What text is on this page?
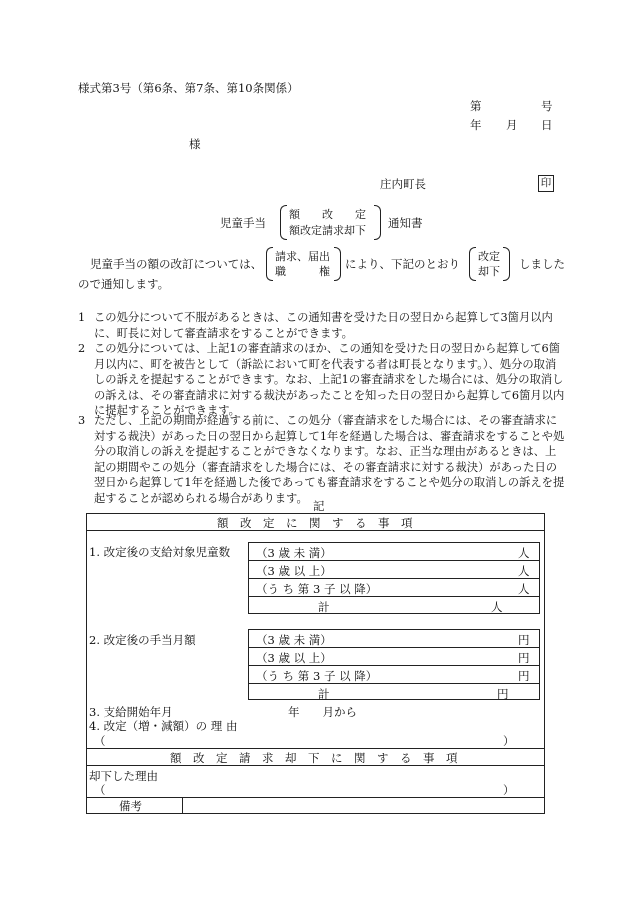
様式第3号（第6条、第7条、第10条関係）
第	号
年 月 日
様
庄内町長	印
児童手当
額　　改　　定
額改定請求却下
通知書
児童手当の額の改訂については、
請求、届出
職　　　権
により、下記のとおり
改定
却下
しました
ので通知します。
1 この処分について不服があるときは、この通知書を受けた日の翌日から起算して3箇月以内に、町長に対して審査請求をすることができます。
2 この処分については、上記1の審査請求のほか、この通知を受けた日の翌日から起算して6箇月以内に、町を被告として（訴訟において町を代表する者は町長となります。）、処分の取消しの訴えを提起することができます。なお、上記1の審査請求をした場合には、処分の取消しの訴えは、その審査請求に対する裁決があったことを知った日の翌日から起算して6箇月以内に提起することができます。
3 ただし、上記の期間が経過する前に、この処分（審査請求をした場合には、その審査請求に対する裁決）があった日の翌日から起算して1年を経過した場合は、審査請求をすることや処分の取消しの訴えを提起することができなくなります。なお、正当な理由があるときは、上記の期間やこの処分（審査請求をした場合には、その審査請求に対する裁決）があった日の翌日から起算して1年を経過した後であっても審査請求をすることや処分の取消しの訴えを提起することが認められる場合があります。
記
額　改　定　に　関　す　る　事　項
1. 改定後の支給対象児童数 （3 歳 未 満）	人
（3 歳 以 上）	人
（う ち 第 3 子 以 降）	人
計	人
2. 改定後の手当月額	（3 歳 未 満）	円
（3 歳 以 上）	円
（う ち 第 3 子 以 降）	円
計	円
3. 支給開始年月	年　　月から
4. 改定（増・減額）の 理 由
（	）
額　改　定　請　求　却　下　に　関　す　る　事　項
却下した理由
（	）
備考
